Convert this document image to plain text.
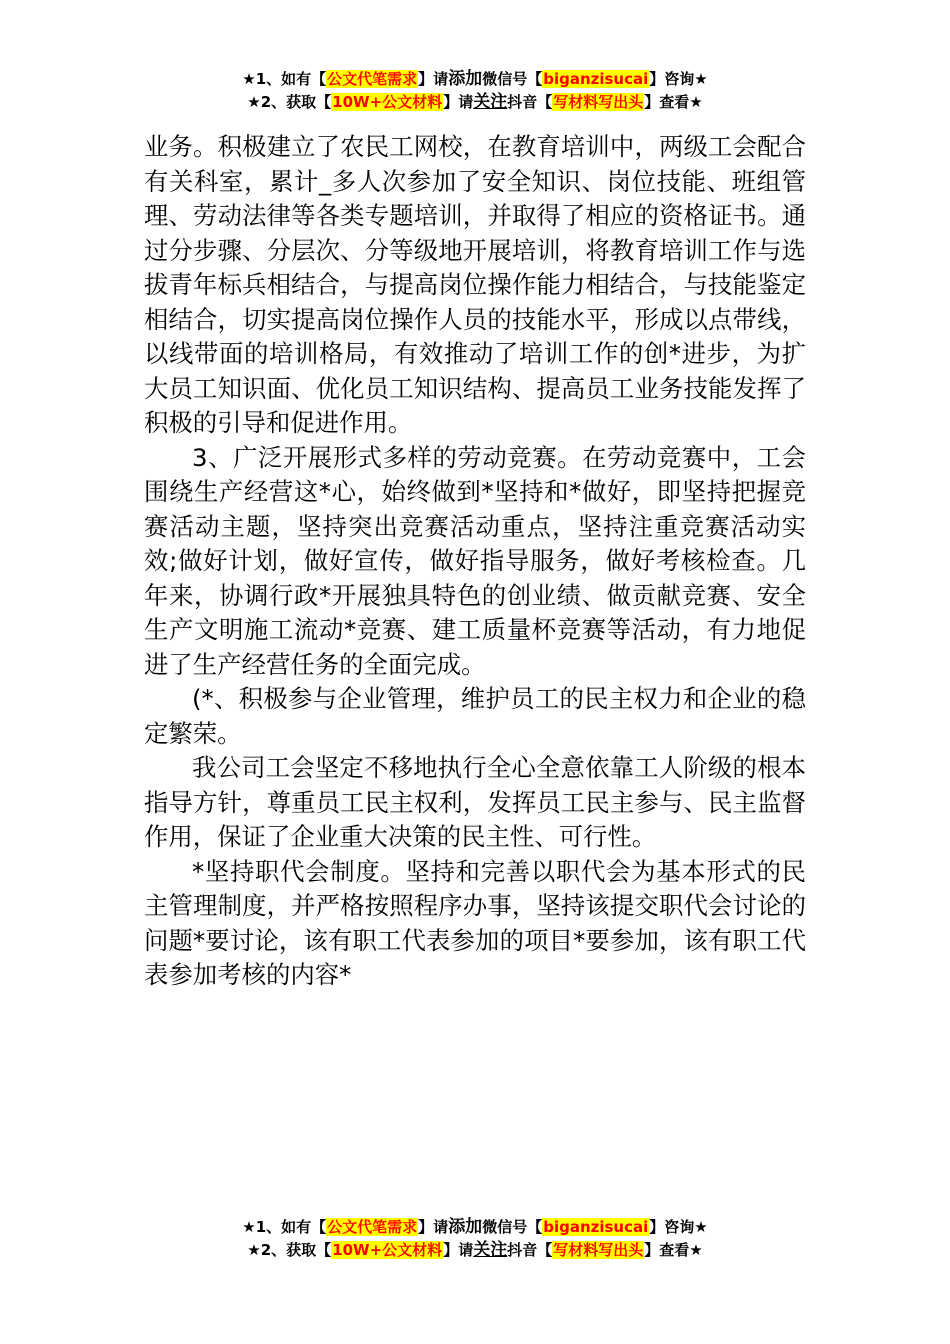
★1、如有【公文代笔需求】请添加微信号【biganzisucai】咨询★
★2、获取【10W+公文材料】请关注抖音【写材料写出头】查看★

业务。积极建立了农民工网校，在教育培训中，两级工会配合有关科室，累计_多人次参加了安全知识、岗位技能、班组管理、劳动法律等各类专题培训，并取得了相应的资格证书。通过分步骤、分层次、分等级地开展培训，将教育培训工作与选拔青年标兵相结合，与提高岗位操作能力相结合，与技能鉴定相结合，切实提高岗位操作人员的技能水平，形成以点带线，以线带面的培训格局，有效推动了培训工作的创*进步，为扩大员工知识面、优化员工知识结构、提高员工业务技能发挥了积极的引导和促进作用。

3、广泛开展形式多样的劳动竞赛。在劳动竞赛中，工会围绕生产经营这*心，始终做到*坚持和*做好，即坚持把握竞赛活动主题，坚持突出竞赛活动重点，坚持注重竞赛活动实效;做好计划，做好宣传，做好指导服务，做好考核检查。几年来，协调行政*开展独具特色的创业绩、做贡献竞赛、安全生产文明施工流动*竞赛、建工质量杯竞赛等活动，有力地促进了生产经营任务的全面完成。

(*、积极参与企业管理，维护员工的民主权力和企业的稳定繁荣。

我公司工会坚定不移地执行全心全意依靠工人阶级的根本指导方针，尊重员工民主权利，发挥员工民主参与、民主监督作用，保证了企业重大决策的民主性、可行性。

*坚持职代会制度。坚持和完善以职代会为基本形式的民主管理制度，并严格按照程序办事，坚持该提交职代会讨论的问题*要讨论，该有职工代表参加的项目*要参加，该有职工代表参加考核的内容*

★1、如有【公文代笔需求】请添加微信号【biganzisucai】咨询★
★2、获取【10W+公文材料】请关注抖音【写材料写出头】查看★
